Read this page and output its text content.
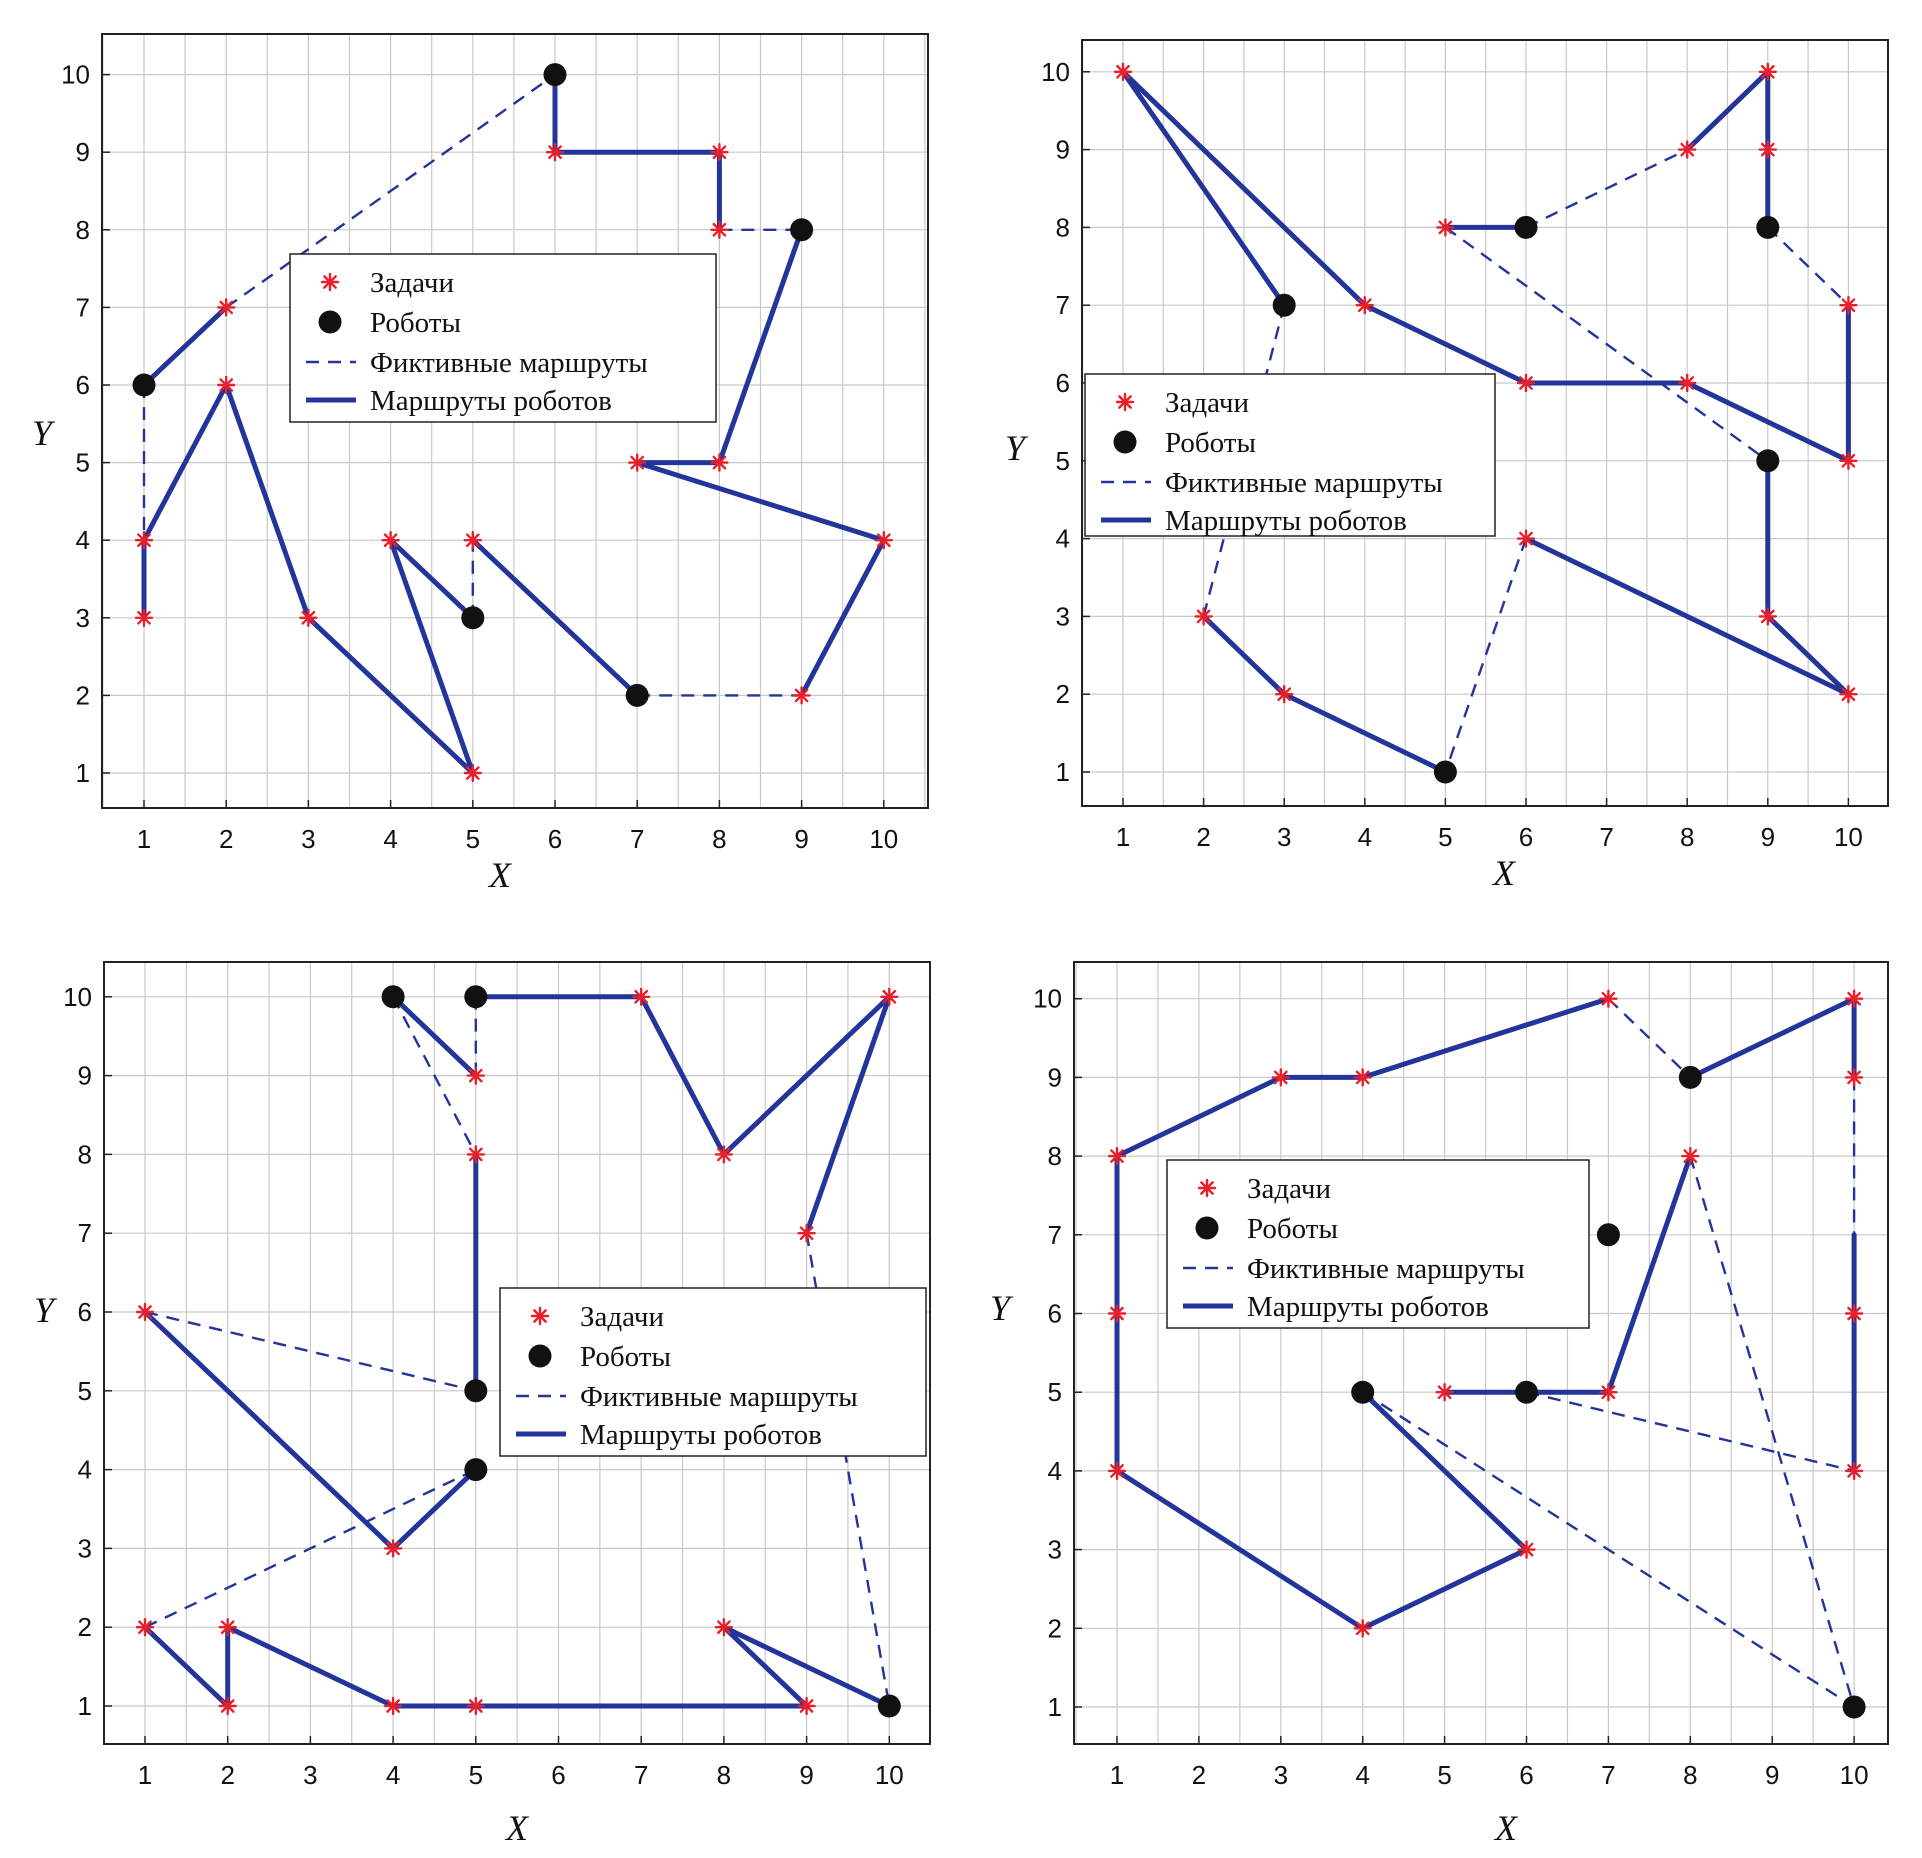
1	2	3	4	5	6	7	8	9 10
1
2
3
4
5
6
7
8
9
10
X
Y
Задачи
Роботы
Фиктивные маршруты
Маршруты роботов
1	2	3	4	5	6	7	8	9 10
1
2
3
4
5
6
7
8
9
10
X
Y
Задачи
Роботы
Фиктивные маршруты
Маршруты роботов
1	2	3	4	5	6	7	8	9 10
1
2
3
4
5
6
7
8
9
10
X
Y	Задачи
Роботы
Фиктивные маршруты
Маршруты роботов
1	2	3	4	5	6	7	8	9 10
1
2
3
4
5
6
7
8
9
10
X
Y
Задачи
Роботы
Фиктивные маршруты
Маршруты роботов
